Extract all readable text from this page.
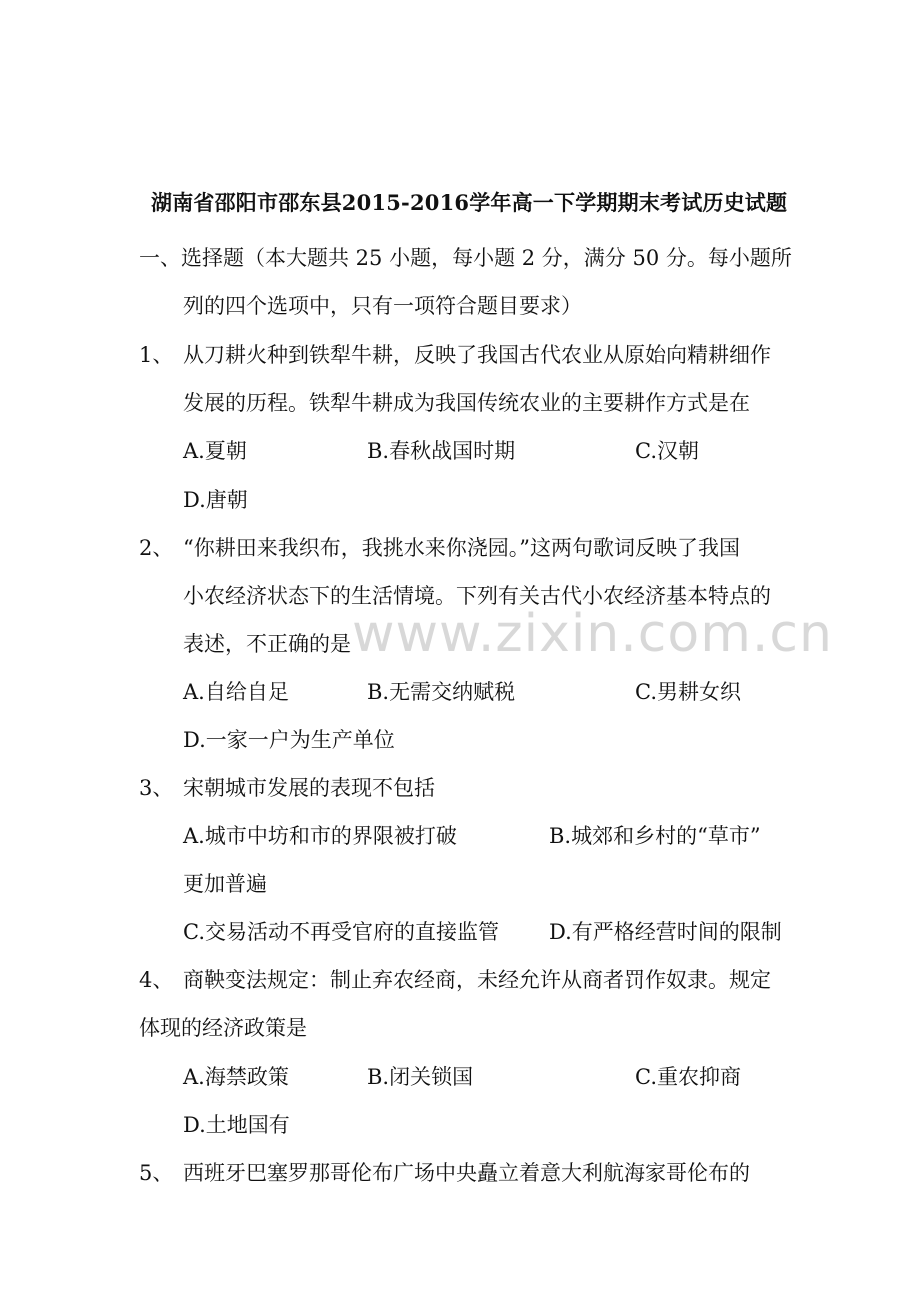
www.zixin.com.cn
湖南省邵阳市邵东县2015-2016学年高一下学期期末考试历史试题
一、选择题（本大题共 25 小题，每小题 2 分，满分 50 分。每小题所
列的四个选项中，只有一项符合题目要求）
1、 从刀耕火种到铁犁牛耕，反映了我国古代农业从原始向精耕细作
发展的历程。铁犁牛耕成为我国传统农业的主要耕作方式是在
A.夏朝	B.春秋战国时期	C.汉朝
D.唐朝
2、 “你耕田来我织布，我挑水来你浇园。”这两句歌词反映了我国
小农经济状态下的生活情境。下列有关古代小农经济基本特点的
表述，不正确的是
A.自给自足	B.无需交纳赋税	C.男耕女织
D.一家一户为生产单位
3、 宋朝城市发展的表现不包括
A.城市中坊和市的界限被打破	B.城郊和乡村的“草市”
更加普遍
C.交易活动不再受官府的直接监管 D.有严格经营时间的限制
4、 商鞅变法规定：制止弃农经商，未经允许从商者罚作奴隶。规定
体现的经济政策是
A.海禁政策	B.闭关锁国	C.重农抑商
D.土地国有
5、 西班牙巴塞罗那哥伦布广场中央矗立着意大利航海家哥伦布的
